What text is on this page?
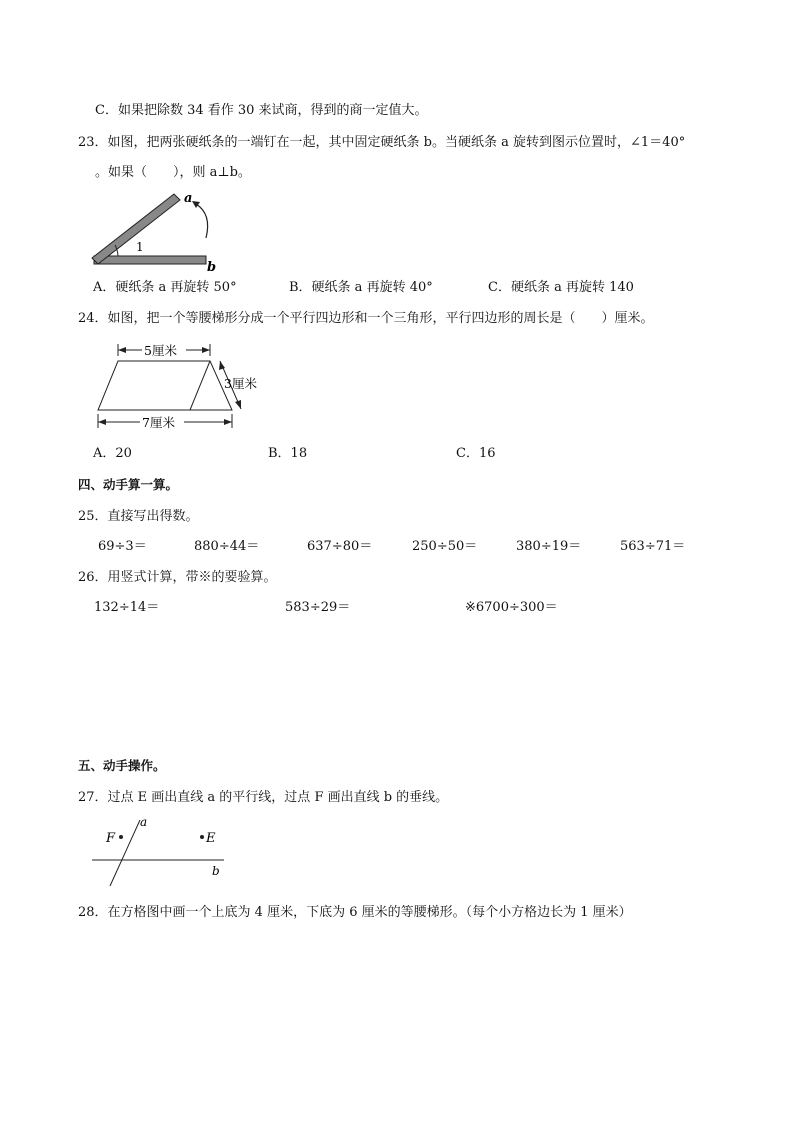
C．如果把除数 34 看作 30 来试商，得到的商一定值大。
23．如图，把两张硬纸条的一端钉在一起，其中固定硬纸条 b。当硬纸条 a 旋转到图示位置时，∠1＝40°
。如果（　　），则 a⊥b。
1
a
b
A．硬纸条 a 再旋转 50°	B．硬纸条 a 再旋转 40°	C．硬纸条 a 再旋转 140
24．如图，把一个等腰梯形分成一个平行四边形和一个三角形，平行四边形的周长是（　　）厘米。
5厘米
3厘米
7厘米
A．20	B．18	C．16
四、动手算一算。
25．直接写出得数。
69÷3＝	880÷44＝	637÷80＝	250÷50＝	380÷19＝	563÷71＝
26．用竖式计算，带※的要验算。
132÷14＝	583÷29＝	※6700÷300＝
五、动手操作。
27．过点 E 画出直线 a 的平行线，过点 F 画出直线 b 的垂线。
a
b
F	E
28．在方格图中画一个上底为 4 厘米，下底为 6 厘米的等腰梯形。（每个小方格边长为 1 厘米）
